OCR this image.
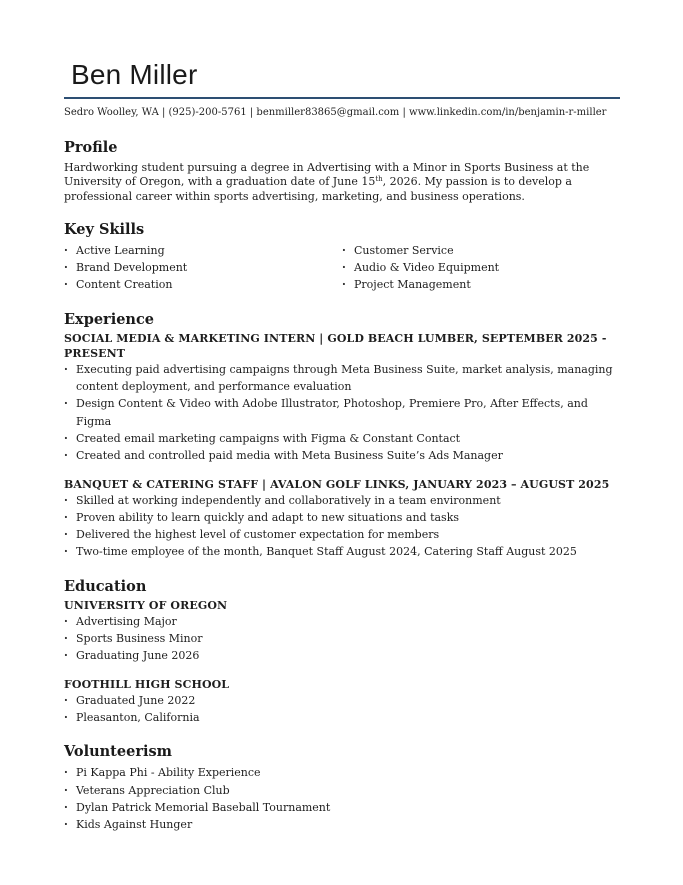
Ben Miller
Sedro Woolley, WA | (925)-200-5761 | benmiller83865@gmail.com | www.linkedin.com/in/benjamin-r-miller
Profile
Hardworking student pursuing a degree in Advertising with a Minor in Sports Business at the University of Oregon, with a graduation date of June 15th, 2026. My passion is to develop a professional career within sports advertising, marketing, and business operations.
Key Skills
· Active Learning
· Brand Development
· Content Creation
· Customer Service
· Audio & Video Equipment
· Project Management
Experience
SOCIAL MEDIA & MARKETING INTERN | GOLD BEACH LUMBER, SEPTEMBER 2025 - PRESENT
· Executing paid advertising campaigns through Meta Business Suite, market analysis, managing content deployment, and performance evaluation
· Design Content & Video with Adobe Illustrator, Photoshop, Premiere Pro, After Effects, and Figma
· Created email marketing campaigns with Figma & Constant Contact
· Created and controlled paid media with Meta Business Suite’s Ads Manager
BANQUET & CATERING STAFF | AVALON GOLF LINKS, JANUARY 2023 – AUGUST 2025
· Skilled at working independently and collaboratively in a team environment
· Proven ability to learn quickly and adapt to new situations and tasks
· Delivered the highest level of customer expectation for members
· Two-time employee of the month, Banquet Staff August 2024, Catering Staff August 2025
Education
UNIVERSITY OF OREGON
· Advertising Major
· Sports Business Minor
· Graduating June 2026
FOOTHILL HIGH SCHOOL
· Graduated June 2022
· Pleasanton, California
Volunteerism
· Pi Kappa Phi - Ability Experience
· Veterans Appreciation Club
· Dylan Patrick Memorial Baseball Tournament
· Kids Against Hunger
